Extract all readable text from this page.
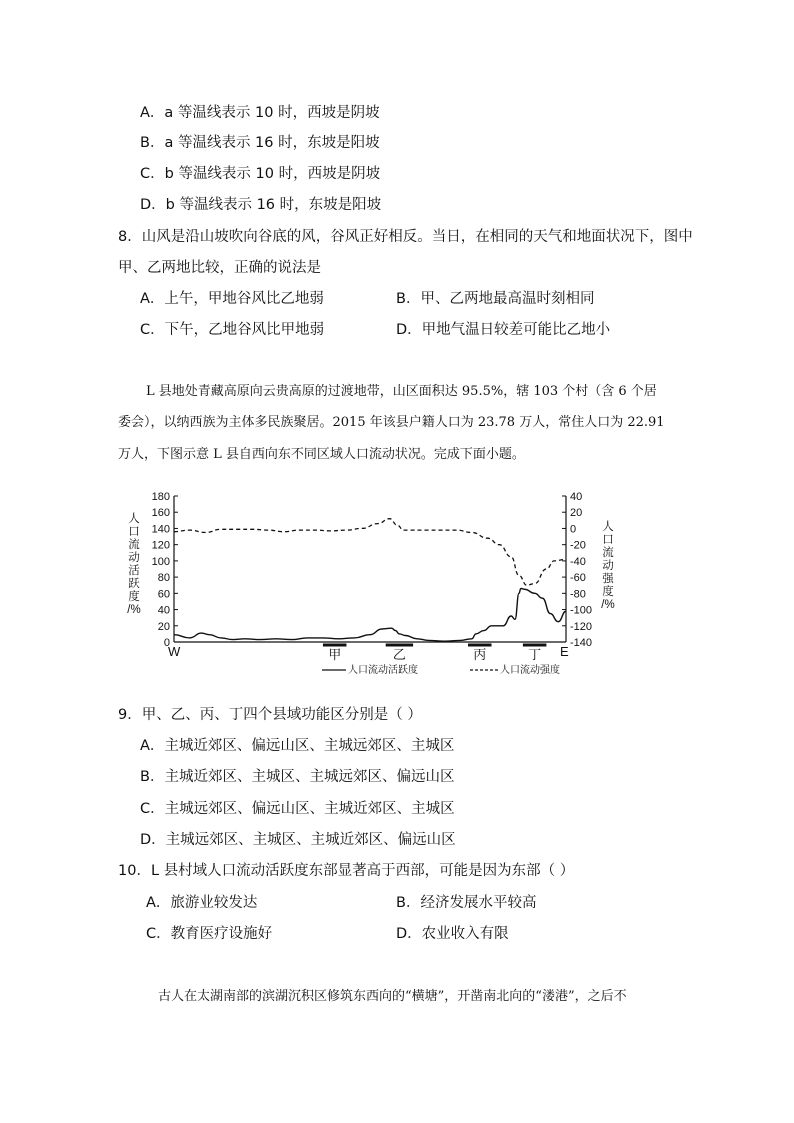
A．a 等温线表示 10 时，西坡是阴坡
B．a 等温线表示 16 时，东坡是阳坡
C．b 等温线表示 10 时，西坡是阴坡
D．b 等温线表示 16 时，东坡是阳坡
8．山风是沿山坡吹向谷底的风，谷风正好相反。当日，在相同的天气和地面状况下，图中
甲、乙两地比较，正确的说法是
A．上午，甲地谷风比乙地弱	B．甲、乙两地最高温时刻相同
C．下午，乙地谷风比甲地弱	D．甲地气温日较差可能比乙地小
L 县地处青藏高原向云贵高原的过渡地带，山区面积达 95.5%，辖 103 个村（含 6 个居
委会），以纳西族为主体多民族聚居。2015 年该县户籍人口为 23.78 万人，常住人口为 22.91
万人，下图示意 L 县自西向东不同区域人口流动状况。完成下面小题。
180
160
140
120
100
80
60
40
20
0
40
20
0
-20
-40
-60
-80
-100
-120
-140
人
口
流
动
活
跃
度
/%
人
口
流
动
强
度
/%
W	E
甲	乙	丙	丁
人口流动活跃度	人口流动强度
9．甲、乙、丙、丁四个县域功能区分别是（ ）
A．主城近郊区、偏远山区、主城远郊区、主城区
B．主城近郊区、主城区、主城远郊区、偏远山区
C．主城远郊区、偏远山区、主城近郊区、主城区
D．主城远郊区、主城区、主城近郊区、偏远山区
10．L 县村域人口流动活跃度东部显著高于西部，可能是因为东部（ ）
A．旅游业较发达	B．经济发展水平较高
C．教育医疗设施好	D．农业收入有限
古人在太湖南部的滨湖沉积区修筑东西向的“横塘”，开凿南北向的“溇港”，之后不
